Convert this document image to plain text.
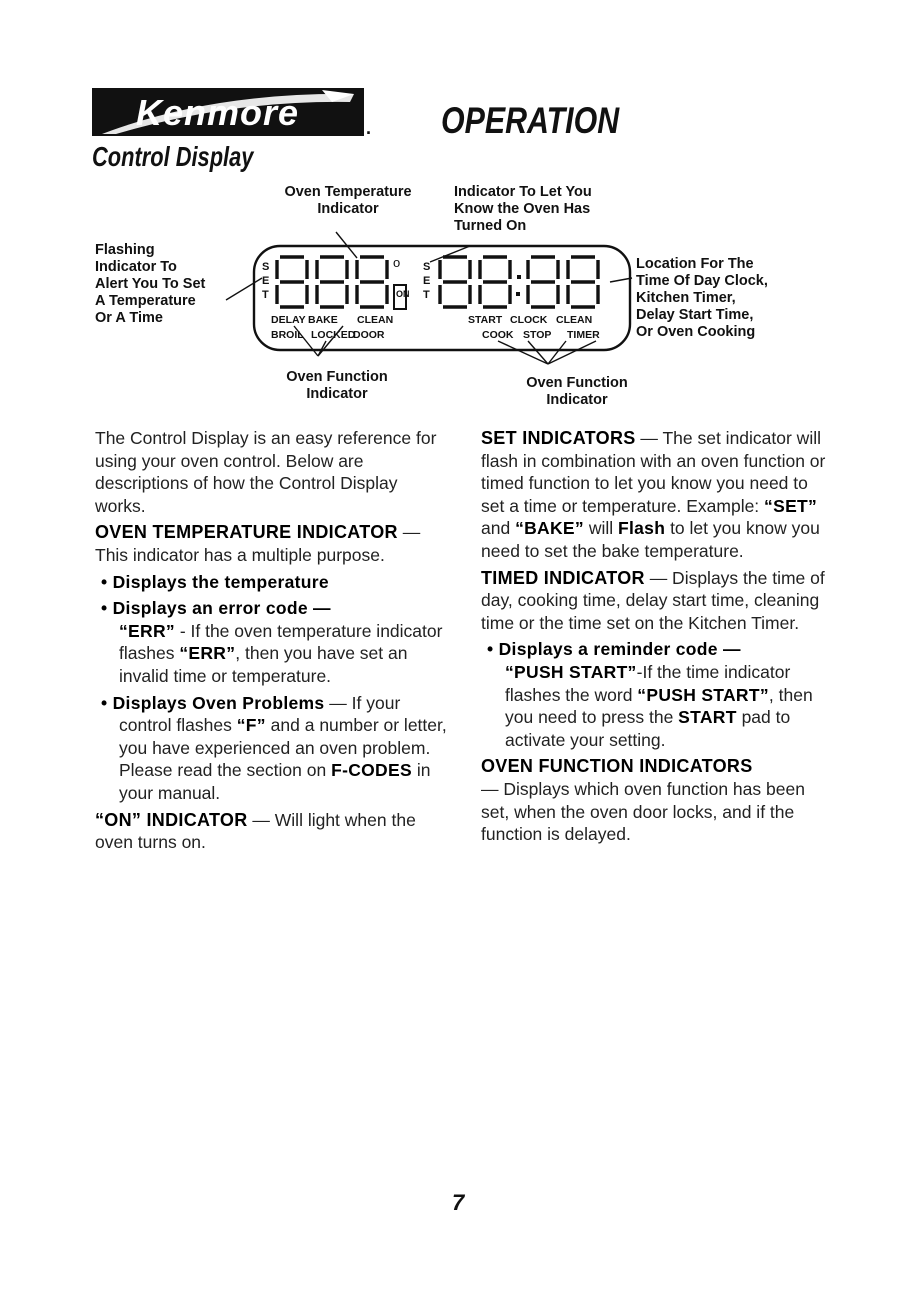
Kenmore	. OPERATION
Control Display
Oven Temperature
Indicator
Indicator To Let You
Know the Oven Has
Turned On
Flashing
Indicator To
Alert You To Set
A Temperature
Or A Time
Location For The
Time Of Day Clock,
Kitchen Timer,
Delay Start Time,
Or Oven Cooking
Oven Function
Indicator
Oven Function
Indicator
S
E
T
o
ON
S
E
T
DELAY BAKE CLEAN
BROIL LOCKED
DOOR
START CLOCK CLEAN
COOK STOP TIMER

The Control Display is an easy reference for using your oven control. Below are descriptions of how the Control Display works.

OVEN TEMPERATURE INDICATOR — This indicator has a multiple purpose.

• Displays the temperature

• Displays an error code —
“ERR” - If the oven temperature indicator flashes “ERR”, then you have set an invalid time or temperature.

• Displays Oven Problems — If your control flashes “F” and a number or letter, you have experienced an oven problem. Please read the section on F-CODES in your manual.

“ON” INDICATOR — Will light when the oven turns on.

SET INDICATORS — The set indicator will flash in combination with an oven function or timed function to let you know you need to set a time or temperature. Example: “SET” and “BAKE” will Flash to let you know you need to set the bake temperature.

TIMED INDICATOR — Displays the time of day, cooking time, delay start time, cleaning time or the time set on the Kitchen Timer.

• Displays a reminder code —
“PUSH START”-If the time indicator flashes the word “PUSH START”, then you need to press the START pad to activate your setting.

OVEN FUNCTION INDICATORS
— Displays which oven function has been set, when the oven door locks, and if the function is delayed.

7
